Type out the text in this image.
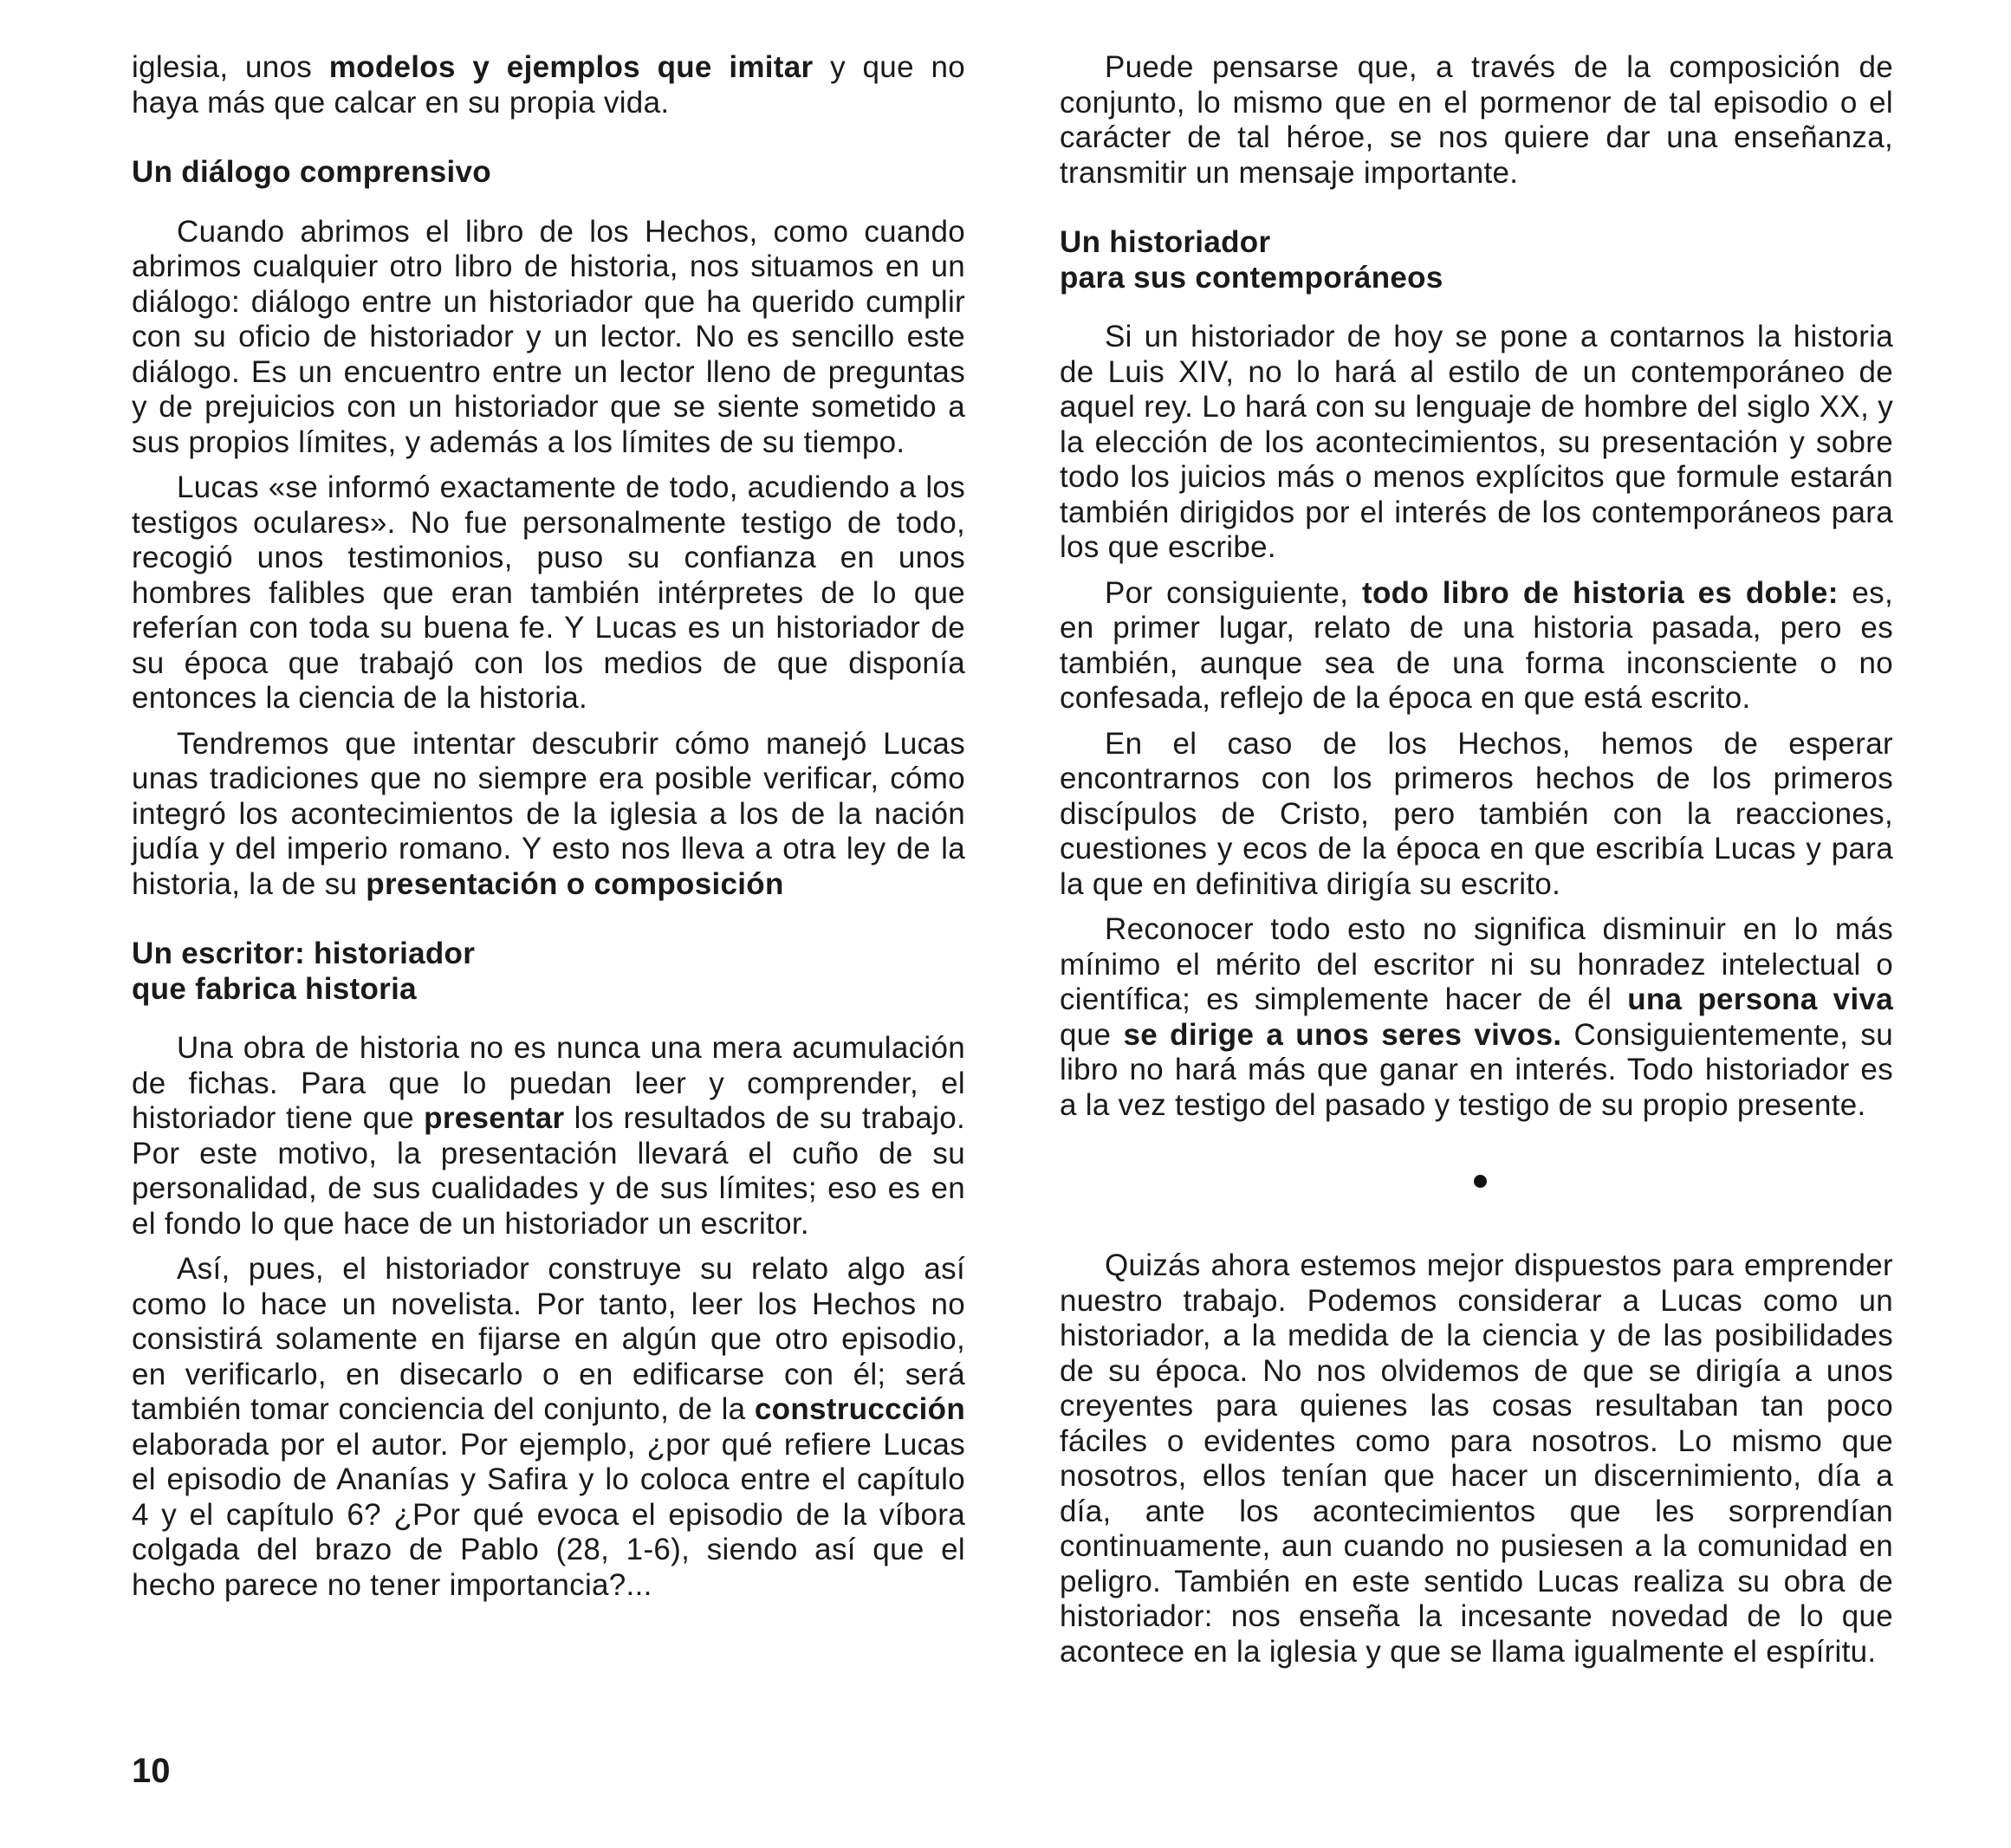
iglesia, unos modelos y ejemplos que imitar y que no haya más que calcar en su propia vida.

Un diálogo comprensivo

Cuando abrimos el libro de los Hechos, como cuando abrimos cualquier otro libro de historia, nos situamos en un diálogo: diálogo entre un historiador que ha querido cumplir con su oficio de historiador y un lector. No es sencillo este diálogo. Es un encuentro entre un lector lleno de preguntas y de prejuicios con un historiador que se siente sometido a sus propios límites, y además a los límites de su tiempo.

Lucas «se informó exactamente de todo, acudiendo a los testigos oculares». No fue personalmente testigo de todo, recogió unos testimonios, puso su confianza en unos hombres falibles que eran también intérpretes de lo que referían con toda su buena fe. Y Lucas es un historiador de su época que trabajó con los medios de que disponía entonces la ciencia de la historia.

Tendremos que intentar descubrir cómo manejó Lucas unas tradiciones que no siempre era posible verificar, cómo integró los acontecimientos de la iglesia a los de la nación judía y del imperio romano. Y esto nos lleva a otra ley de la historia, la de su presentación o composición

Un escritor: historiador
que fabrica historia

Una obra de historia no es nunca una mera acumulación de fichas. Para que lo puedan leer y comprender, el historiador tiene que presentar los resultados de su trabajo. Por este motivo, la presentación llevará el cuño de su personalidad, de sus cualidades y de sus límites; eso es en el fondo lo que hace de un historiador un escritor.

Así, pues, el historiador construye su relato algo así como lo hace un novelista. Por tanto, leer los Hechos no consistirá solamente en fijarse en algún que otro episodio, en verificarlo, en disecarlo o en edificarse con él; será también tomar conciencia del conjunto, de la construccción elaborada por el autor. Por ejemplo, ¿por qué refiere Lucas el episodio de Ananías y Safira y lo coloca entre el capítulo 4 y el capítulo 6? ¿Por qué evoca el episodio de la víbora colgada del brazo de Pablo (28, 1-6), siendo así que el hecho parece no tener importancia?...

Puede pensarse que, a través de la composición de conjunto, lo mismo que en el pormenor de tal episodio o el carácter de tal héroe, se nos quiere dar una enseñanza, transmitir un mensaje importante.

Un historiador
para sus contemporáneos

Si un historiador de hoy se pone a contarnos la historia de Luis XIV, no lo hará al estilo de un contemporáneo de aquel rey. Lo hará con su lenguaje de hombre del siglo XX, y la elección de los acontecimientos, su presentación y sobre todo los juicios más o menos explícitos que formule estarán también dirigidos por el interés de los contemporáneos para los que escribe.

Por consiguiente, todo libro de historia es doble: es, en primer lugar, relato de una historia pasada, pero es también, aunque sea de una forma inconsciente o no confesada, reflejo de la época en que está escrito.

En el caso de los Hechos, hemos de esperar encontrarnos con los primeros hechos de los primeros discípulos de Cristo, pero también con la reacciones, cuestiones y ecos de la época en que escribía Lucas y para la que en definitiva dirigía su escrito.

Reconocer todo esto no significa disminuir en lo más mínimo el mérito del escritor ni su honradez intelectual o científica; es simplemente hacer de él una persona viva que se dirige a unos seres vivos. Consiguientemente, su libro no hará más que ganar en interés. Todo historiador es a la vez testigo del pasado y testigo de su propio presente.

Quizás ahora estemos mejor dispuestos para emprender nuestro trabajo. Podemos considerar a Lucas como un historiador, a la medida de la ciencia y de las posibilidades de su época. No nos olvidemos de que se dirigía a unos creyentes para quienes las cosas resultaban tan poco fáciles o evidentes como para nosotros. Lo mismo que nosotros, ellos tenían que hacer un discernimiento, día a día, ante los acontecimientos que les sorprendían continuamente, aun cuando no pusiesen a la comunidad en peligro. También en este sentido Lucas realiza su obra de historiador: nos enseña la incesante novedad de lo que acontece en la iglesia y que se llama igualmente el espíritu.

10
